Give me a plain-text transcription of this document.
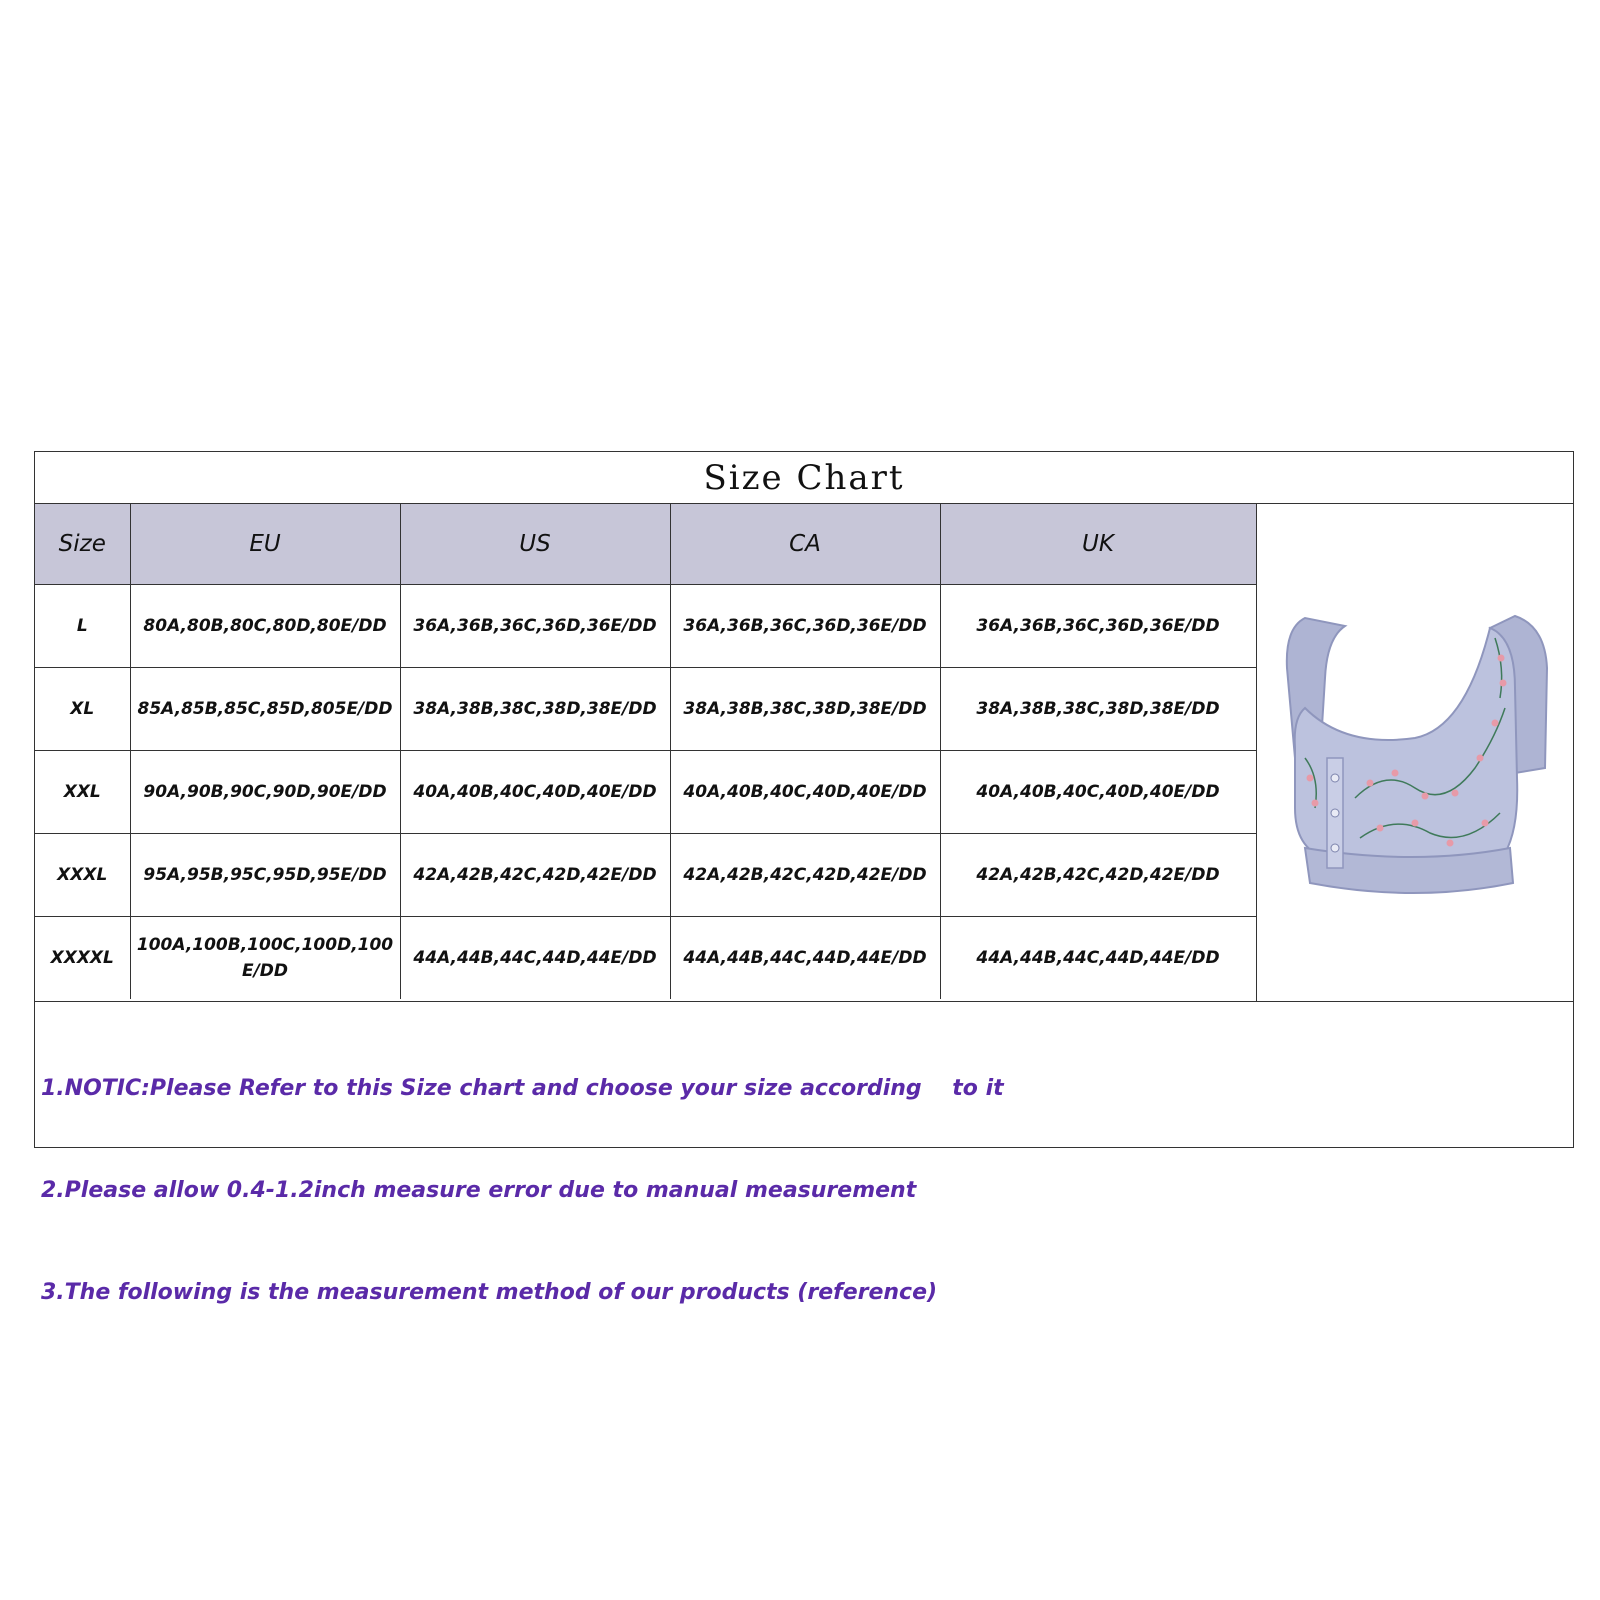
Size Chart
Size	EU	US	CA	UK
L	80A,80B,80C,80D,80E/DD	36A,36B,36C,36D,36E/DD	36A,36B,36C,36D,36E/DD	36A,36B,36C,36D,36E/DD
XL	85A,85B,85C,85D,805E/DD	38A,38B,38C,38D,38E/DD	38A,38B,38C,38D,38E/DD	38A,38B,38C,38D,38E/DD
XXL	90A,90B,90C,90D,90E/DD	40A,40B,40C,40D,40E/DD	40A,40B,40C,40D,40E/DD	40A,40B,40C,40D,40E/DD
XXXL	95A,95B,95C,95D,95E/DD	42A,42B,42C,42D,42E/DD	42A,42B,42C,42D,42E/DD	42A,42B,42C,42D,42E/DD
XXXXL	100A,100B,100C,100D,100E/DD	44A,44B,44C,44D,44E/DD	44A,44B,44C,44D,44E/DD	44A,44B,44C,44D,44E/DD

1.NOTIC:Please Refer to this Size chart and choose your size according    to it

2.Please allow 0.4-1.2inch measure error due to manual measurement

3.The following is the measurement method of our products (reference)
